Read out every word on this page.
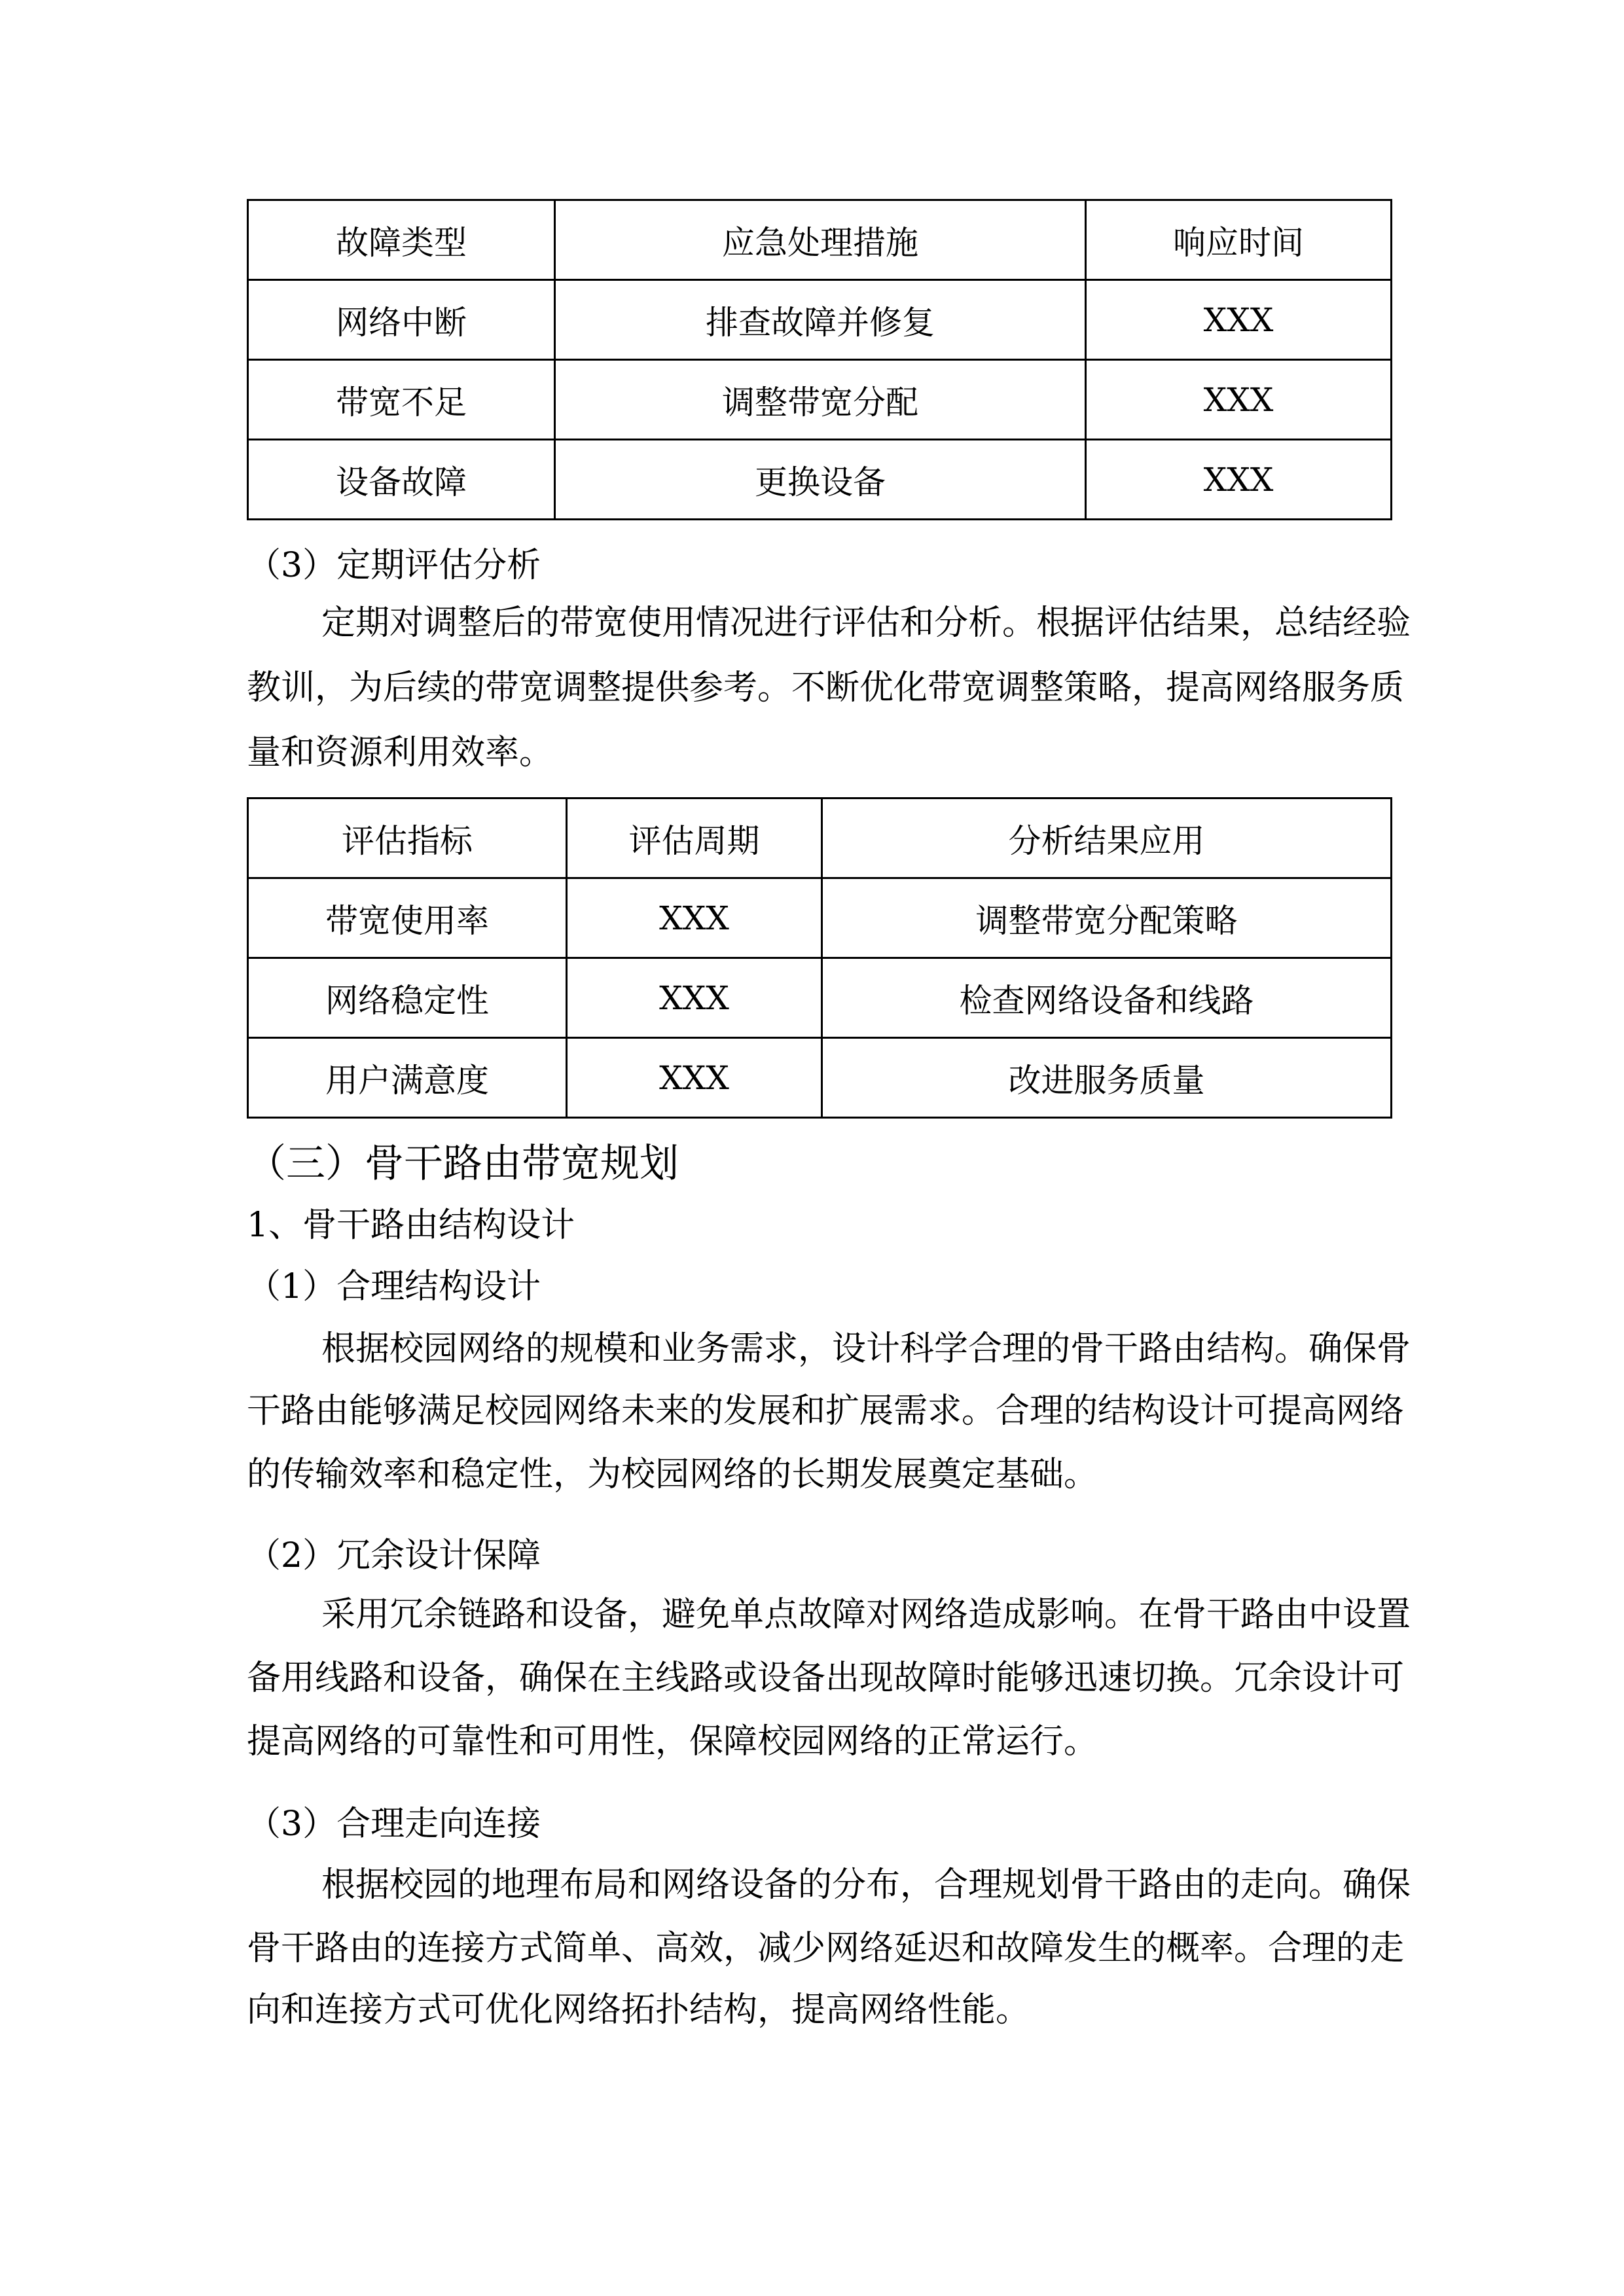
故障类型	应急处理措施	响应时间
网络中断	排查故障并修复	XXX
带宽不足	调整带宽分配	XXX
设备故障	更换设备	XXX
（3）定期评估分析
定期对调整后的带宽使用情况进行评估和分析。根据评估结果，总结经验
教训，为后续的带宽调整提供参考。不断优化带宽调整策略，提高网络服务质
量和资源利用效率。
评估指标	评估周期	分析结果应用
带宽使用率	XXX	调整带宽分配策略
网络稳定性	XXX	检查网络设备和线路
用户满意度	XXX	改进服务质量
（三）骨干路由带宽规划
1、骨干路由结构设计
（1）合理结构设计
根据校园网络的规模和业务需求，设计科学合理的骨干路由结构。确保骨
干路由能够满足校园网络未来的发展和扩展需求。合理的结构设计可提高网络
的传输效率和稳定性，为校园网络的长期发展奠定基础。
（2）冗余设计保障
采用冗余链路和设备，避免单点故障对网络造成影响。在骨干路由中设置
备用线路和设备，确保在主线路或设备出现故障时能够迅速切换。冗余设计可
提高网络的可靠性和可用性，保障校园网络的正常运行。
（3）合理走向连接
根据校园的地理布局和网络设备的分布，合理规划骨干路由的走向。确保
骨干路由的连接方式简单、高效，减少网络延迟和故障发生的概率。合理的走
向和连接方式可优化网络拓扑结构，提高网络性能。
